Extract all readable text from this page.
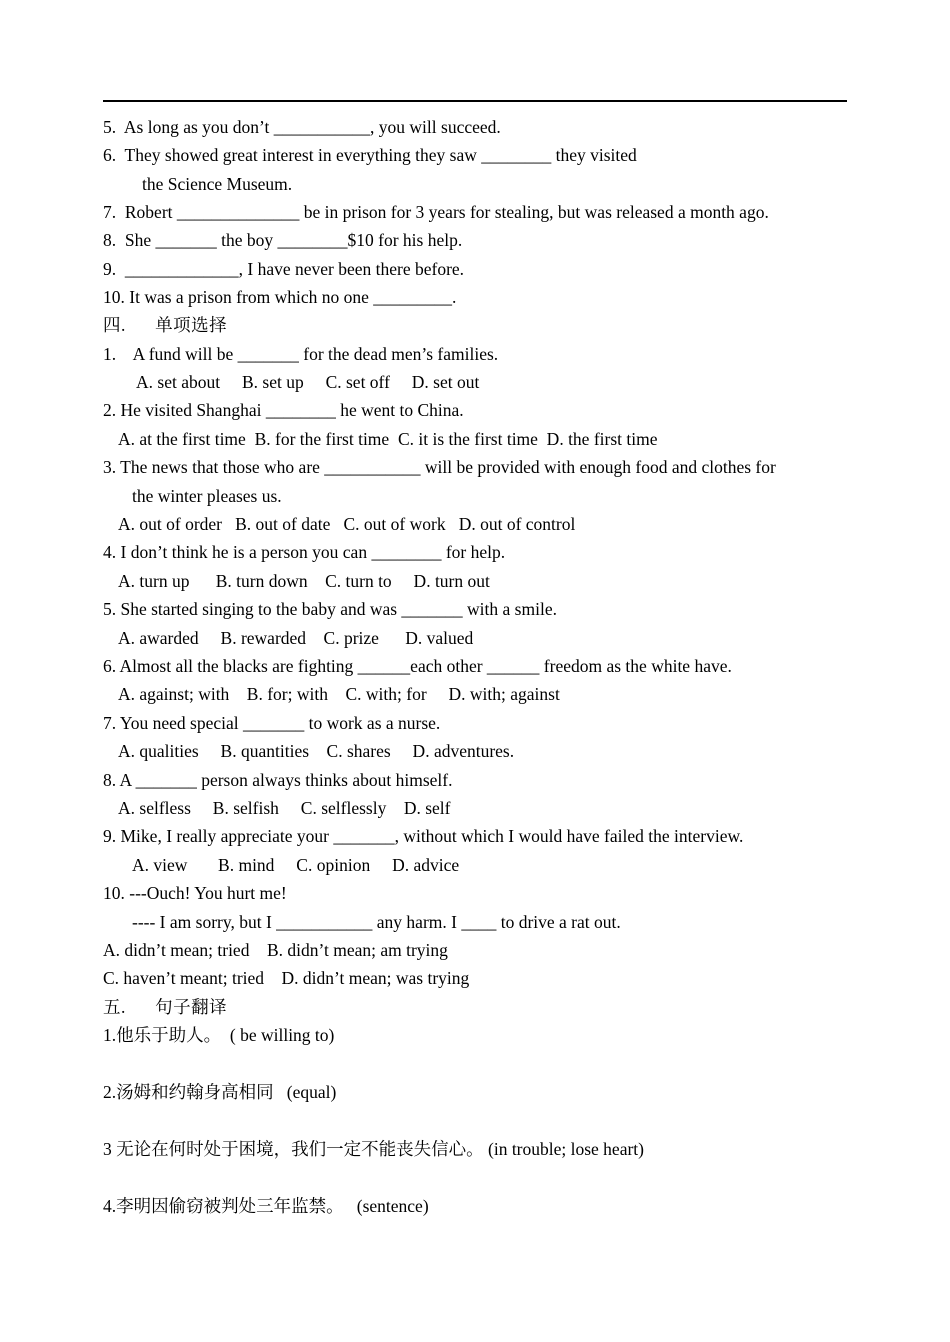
5.  As long as you don’t ___________, you will succeed.
6.  They showed great interest in everything they saw ________ they visited
the Science Museum.
7.  Robert ______________ be in prison for 3 years for stealing, but was released a month ago.
8.  She _______ the boy ________$10 for his help.
9.  _____________, I have never been there before.
10. It was a prison from which no one _________.
四.      单项选择
1.    A fund will be _______ for the dead men’s families.
A. set about     B. set up     C. set off     D. set out
2. He visited Shanghai ________ he went to China.
A. at the first time  B. for the first time  C. it is the first time  D. the first time
3. The news that those who are ___________ will be provided with enough food and clothes for
the winter pleases us.
A. out of order   B. out of date   C. out of work   D. out of control
4. I don’t think he is a person you can ________ for help.
A. turn up      B. turn down    C. turn to     D. turn out
5. She started singing to the baby and was _______ with a smile.
A. awarded     B. rewarded    C. prize      D. valued
6. Almost all the blacks are fighting ______each other ______ freedom as the white have.
A. against; with    B. for; with    C. with; for     D. with; against
7. You need special _______ to work as a nurse.
A. qualities     B. quantities    C. shares     D. adventures.
8. A _______ person always thinks about himself.
A. selfless     B. selfish     C. selflessly    D. self
9. Mike, I really appreciate your _______, without which I would have failed the interview.
A. view       B. mind     C. opinion     D. advice
10. ---Ouch! You hurt me!
---- I am sorry, but I ___________ any harm. I ____ to drive a rat out.
A. didn’t mean; tried    B. didn’t mean; am trying
C. haven’t meant; tried    D. didn’t mean; was trying
五.      句子翻译
1.他乐于助人。  ( be willing to)
2.汤姆和约翰身高相同   (equal)
3 无论在何时处于困境，我们一定不能丧失信心。 (in trouble; lose heart)
4.李明因偷窃被判处三年监禁。   (sentence)
